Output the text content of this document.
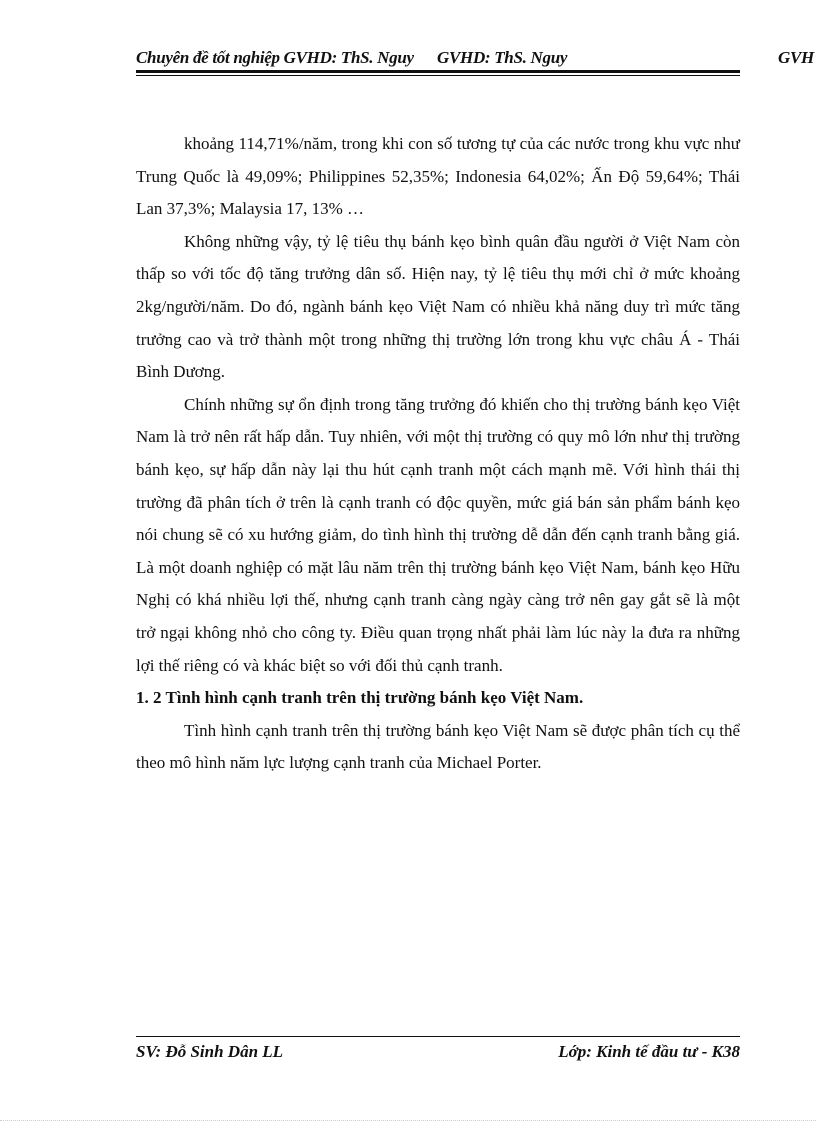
Chuyên đề tốt nghiệp GVHD: ThS. Nguy GVHD: ThS. Nguy	GVH

khoảng 114,71%/năm, trong khi con số tương tự của các nước trong khu vực như Trung Quốc là 49,09%; Philippines 52,35%; Indonesia 64,02%; Ấn Độ 59,64%; Thái Lan 37,3%; Malaysia 17, 13% …

Không những vậy, tỷ lệ tiêu thụ bánh kẹo bình quân đầu người ở Việt Nam còn thấp so với tốc độ tăng trưởng dân số. Hiện nay, tỷ lệ tiêu thụ mới chỉ ở mức khoảng 2kg/người/năm. Do đó, ngành bánh kẹo Việt Nam có nhiều khả năng duy trì mức tăng trưởng cao và trở thành một trong những thị trường lớn trong khu vực châu Á - Thái Bình Dương.

Chính những sự ổn định trong tăng trưởng đó khiến cho thị trường bánh kẹo Việt Nam là trở nên rất hấp dẫn. Tuy nhiên, với một thị trường có quy mô lớn như thị trường bánh kẹo, sự hấp dẫn này lại thu hút cạnh tranh một cách mạnh mẽ. Với hình thái thị trường đã phân tích ở trên là cạnh tranh có độc quyền, mức giá bán sản phẩm bánh kẹo nói chung sẽ có xu hướng giảm, do tình hình thị trường dễ dẫn đến cạnh tranh bằng giá. Là một doanh nghiệp có mặt lâu năm trên thị trường bánh kẹo Việt Nam, bánh kẹo Hữu Nghị có khá nhiều lợi thế, nhưng cạnh tranh càng ngày càng trở nên gay gắt sẽ là một trở ngại không nhỏ cho công ty. Điều quan trọng nhất phải làm lúc này la đưa ra những lợi thế riêng có và khác biệt so với đối thủ cạnh tranh.

1. 2 Tình hình cạnh tranh trên thị trường bánh kẹo Việt Nam.

Tình hình cạnh tranh trên thị trường bánh kẹo Việt Nam sẽ được phân tích cụ thể theo mô hình năm lực lượng cạnh tranh của Michael Porter.

SV: Đỗ Sinh Dân LL	Lớp: Kinh tế đầu tư - K38
